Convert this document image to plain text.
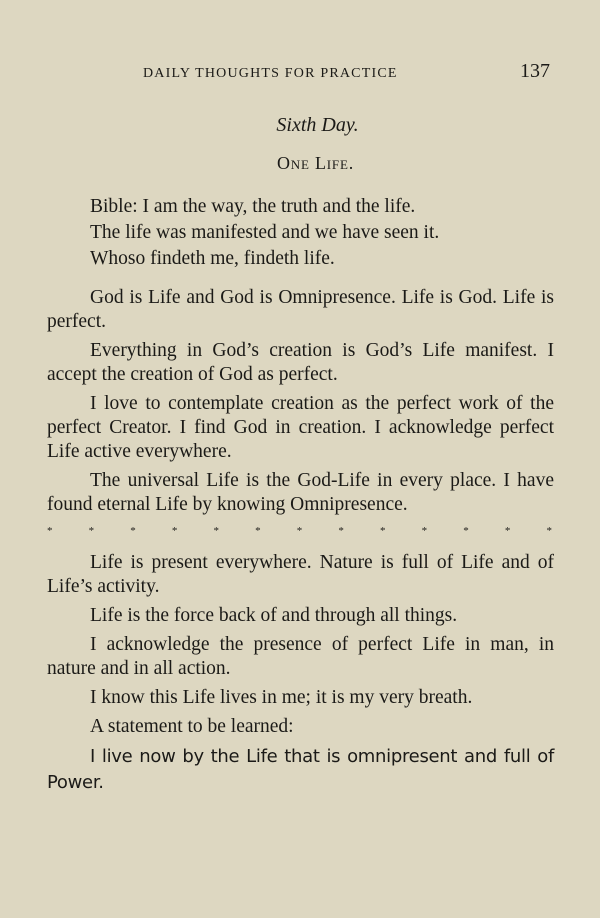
DAILY THOUGHTS FOR PRACTICE	137
Sixth Day.
One Life.
Bible: I am the way, the truth and the life.
The life was manifested and we have seen it.
Whoso findeth me, findeth life.

God is Life and God is Omnipresence. Life is God. Life is perfect.

Everything in God’s creation is God’s Life manifest. I accept the creation of God as perfect.

I love to contemplate creation as the perfect work of the perfect Creator. I find God in creation. I acknowledge perfect Life active everywhere.

The universal Life is the God-Life in every place. I have found eternal Life by knowing Omnipresence.

*	*	*	*	*	*	*	*	*	*	*	*	*

Life is present everywhere. Nature is full of Life and of Life’s activity.

Life is the force back of and through all things.

I acknowledge the presence of perfect Life in man, in nature and in all action.

I know this Life lives in me; it is my very breath.

A statement to be learned:

I live now by the Life that is omnipresent and full of Power.
